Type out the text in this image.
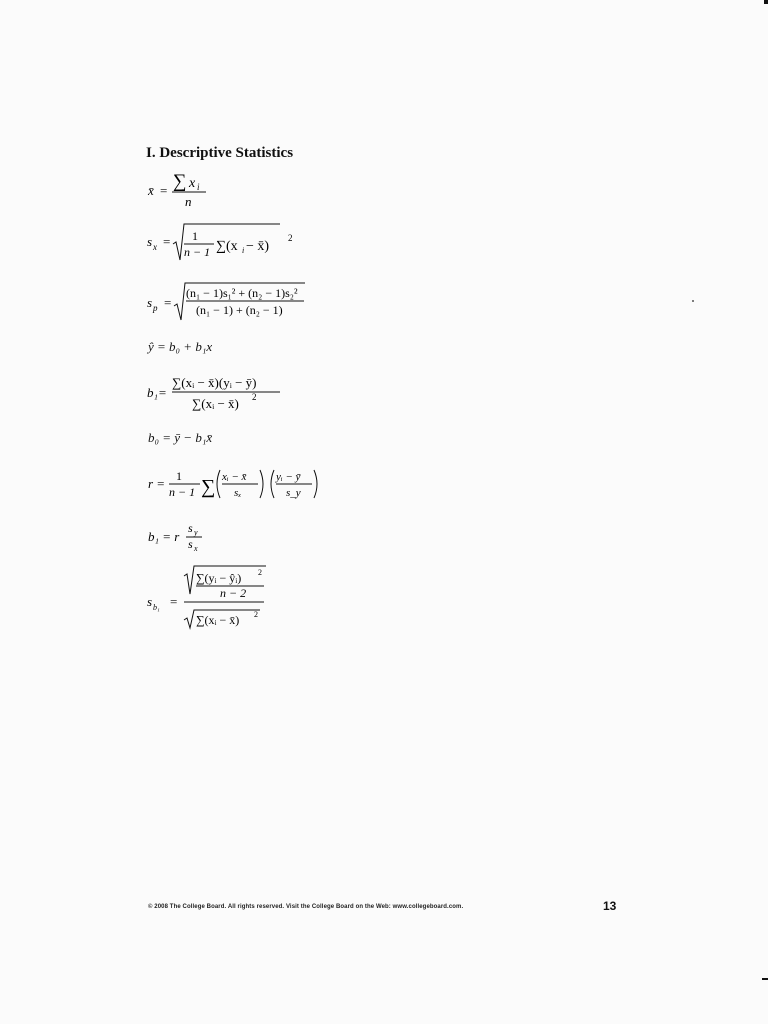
I. Descriptive Statistics
x̄ = ∑ x i
n
s x = 1
n − 1 ∑(x i − x̄)
2
s p =
(n₁ − 1)s₁² + (n₂ − 1)s₂²
(n₁ − 1) + (n₂ − 1)
ŷ = b₀ + b₁x
b₁=
∑(xᵢ − x̄)(yᵢ − ȳ)
∑(xᵢ − x̄) 2
b₀ = ȳ − b₁x̄
r = 1
n − 1 ∑ xᵢ − x̄
sₓ
yᵢ − ȳ
s_y
b₁ = r
s y
s x
s b₁ =
∑(yᵢ − ŷᵢ) 2
n − 2
∑(xᵢ − x̄) 2
© 2008 The College Board. All rights reserved. Visit the College Board on the Web: www.collegeboard.com.	13
